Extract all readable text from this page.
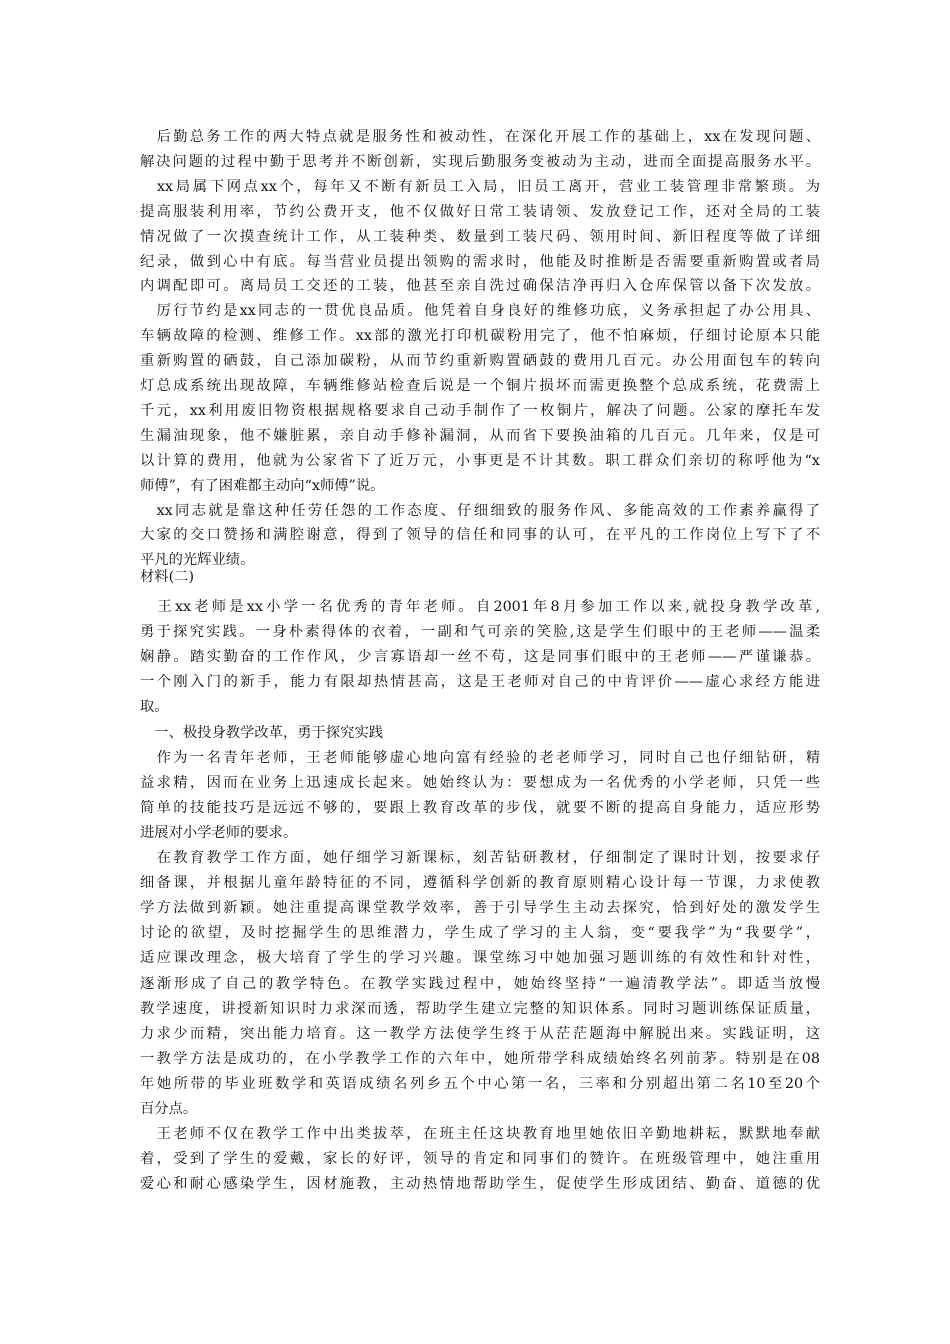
　后勤总务工作的两大特点就是服务性和被动性，在深化开展工作的基础上，xx在发现问题、
解决问题的过程中勤于思考并不断创新，实现后勤服务变被动为主动，进而全面提高服务水平。
　xx局属下网点xx个，每年又不断有新员工入局，旧员工离开，营业工装管理非常繁琐。为
提高服装利用率，节约公费开支，他不仅做好日常工装请领、发放登记工作，还对全局的工装
情况做了一次摸查统计工作，从工装种类、数量到工装尺码、领用时间、新旧程度等做了详细
纪录，做到心中有底。每当营业员提出领购的需求时，他能及时推断是否需要重新购置或者局
内调配即可。离局员工交还的工装，他甚至亲自洗过确保洁净再归入仓库保管以备下次发放。
　厉行节约是xx同志的一贯优良品质。他凭着自身良好的维修功底，义务承担起了办公用具、
车辆故障的检测、维修工作。xx部的激光打印机碳粉用完了，他不怕麻烦，仔细讨论原本只能
重新购置的硒鼓，自己添加碳粉，从而节约重新购置硒鼓的费用几百元。办公用面包车的转向
灯总成系统出现故障，车辆维修站检查后说是一个铜片损坏而需更换整个总成系统，花费需上
千元，xx利用废旧物资根据规格要求自己动手制作了一枚铜片，解决了问题。公家的摩托车发
生漏油现象，他不嫌脏累，亲自动手修补漏洞，从而省下要换油箱的几百元。几年来，仅是可
以计算的费用，他就为公家省下了近万元，小事更是不计其数。职工群众们亲切的称呼他为“x
师傅”，有了困难都主动向“x师傅”说。
　xx同志就是靠这种任劳任怨的工作态度、仔细细致的服务作风、多能高效的工作素养赢得了
大家的交口赞扬和满腔谢意，得到了领导的信任和同事的认可，在平凡的工作岗位上写下了不
平凡的光辉业绩。
材料(二)
　王xx老师是xx小学一名优秀的青年老师。自2001年8月参加工作以来,就投身教学改革,
勇于探究实践。一身朴素得体的衣着，一副和气可亲的笑脸,这是学生们眼中的王老师——温柔
娴静。踏实勤奋的工作作风，少言寡语却一丝不苟，这是同事们眼中的王老师——严谨谦恭。
一个刚入门的新手，能力有限却热情甚高，这是王老师对自己的中肯评价——虚心求经方能进
取。
　一、极投身教学改革，勇于探究实践
　作为一名青年老师，王老师能够虚心地向富有经验的老老师学习，同时自己也仔细钻研，精
益求精，因而在业务上迅速成长起来。她始终认为：要想成为一名优秀的小学老师，只凭一些
简单的技能技巧是远远不够的，要跟上教育改革的步伐，就要不断的提高自身能力，适应形势
进展对小学老师的要求。
　在教育教学工作方面，她仔细学习新课标，刻苦钻研教材，仔细制定了课时计划，按要求仔
细备课，并根据儿童年龄特征的不同，遵循科学创新的教育原则精心设计每一节课，力求使教
学方法做到新颖。她注重提高课堂教学效率，善于引导学生主动去探究，恰到好处的激发学生
讨论的欲望，及时挖掘学生的思维潜力，学生成了学习的主人翁，变“要我学”为“我要学”，
适应课改理念，极大培育了学生的学习兴趣。课堂练习中她加强习题训练的有效性和针对性，
逐渐形成了自己的教学特色。在教学实践过程中，她始终坚持“一遍清教学法”。即适当放慢
教学速度，讲授新知识时力求深而透，帮助学生建立完整的知识体系。同时习题训练保证质量，
力求少而精，突出能力培育。这一教学方法使学生终于从茫茫题海中解脱出来。实践证明，这
一教学方法是成功的，在小学教学工作的六年中，她所带学科成绩始终名列前茅。特别是在08
年她所带的毕业班数学和英语成绩名列乡五个中心第一名，三率和分别超出第二名10至20个
百分点。
　王老师不仅在教学工作中出类拔萃，在班主任这块教育地里她依旧辛勤地耕耘，默默地奉献
着，受到了学生的爱戴，家长的好评，领导的肯定和同事们的赞许。在班级管理中，她注重用
爱心和耐心感染学生，因材施教，主动热情地帮助学生，促使学生形成团结、勤奋、道德的优
